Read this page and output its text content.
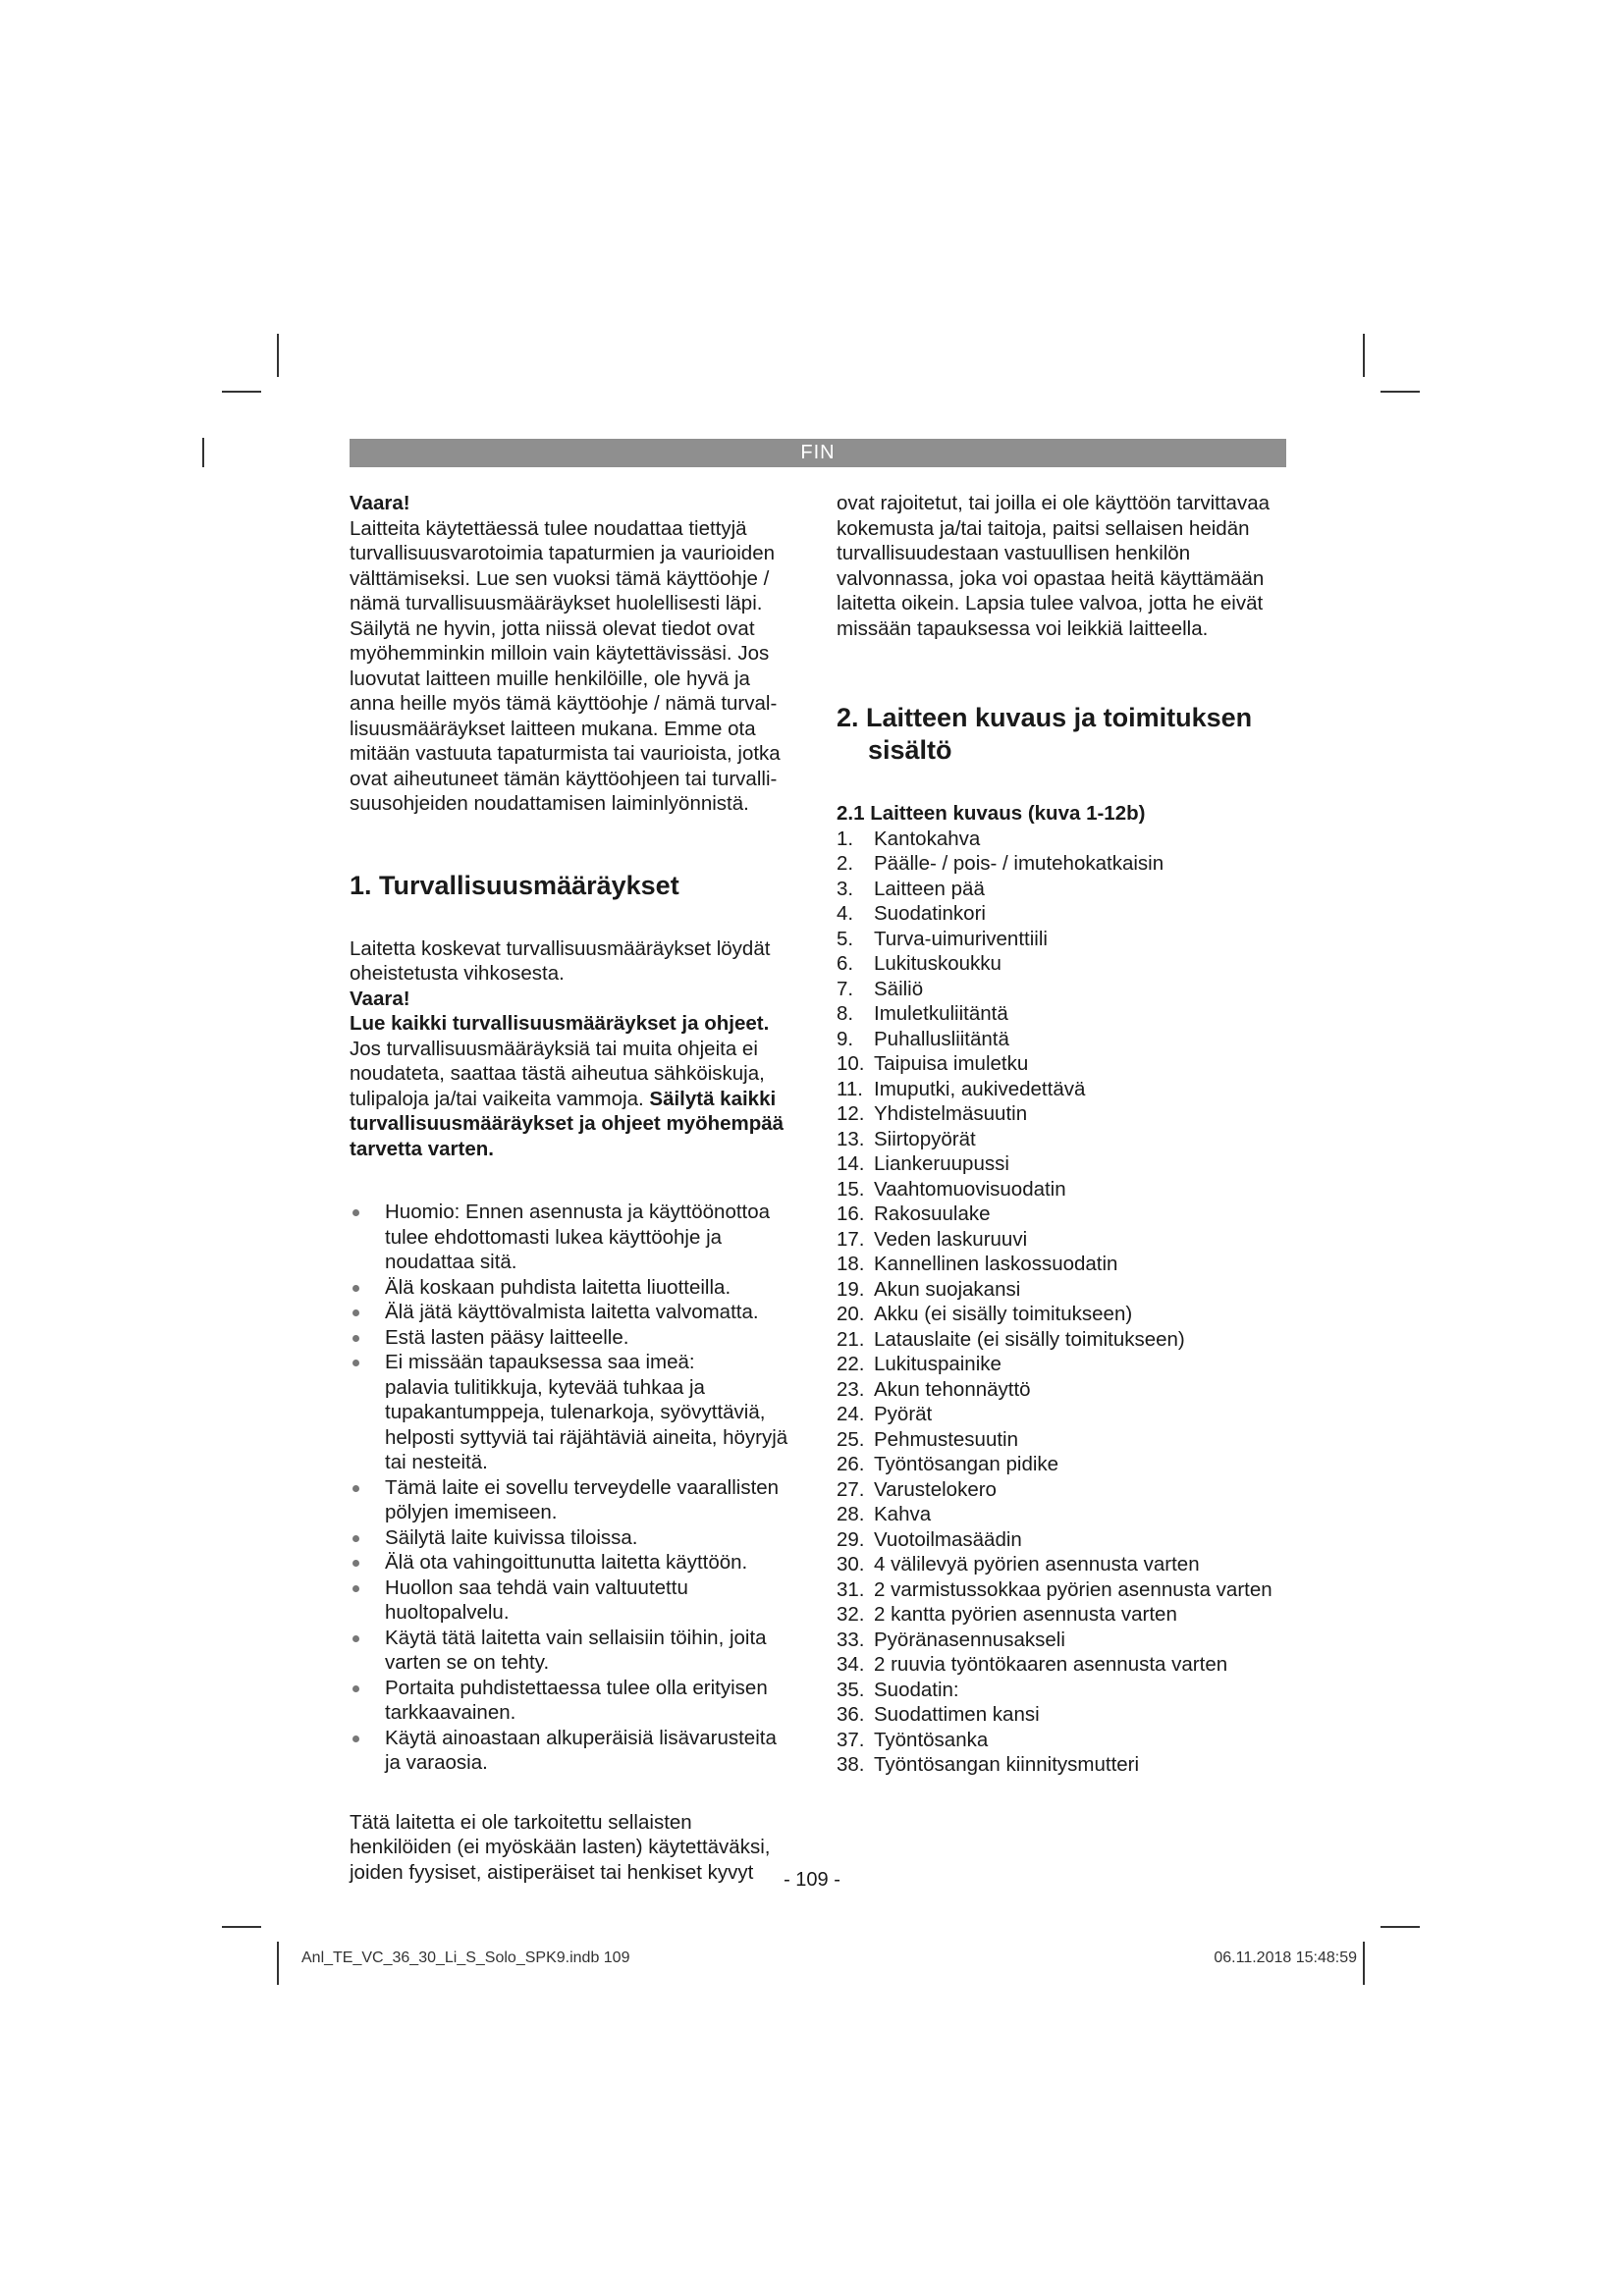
FIN

Vaara!

Laitteita käytettäessä tulee noudattaa tiettyjä
turvallisuusvarotoimia tapaturmien ja vaurioiden
välttämiseksi. Lue sen vuoksi tämä käyttöohje /
nämä turvallisuusmääräykset huolellisesti läpi.
Säilytä ne hyvin, jotta niissä olevat tiedot ovat
myöhemminkin milloin vain käytettävissäsi. Jos
luovutat laitteen muille henkilöille, ole hyvä ja
anna heille myös tämä käyttöohje / nämä turval-
lisuusmääräykset laitteen mukana. Emme ota
mitään vastuuta tapaturmista tai vaurioista, jotka
ovat aiheutuneet tämän käyttöohjeen tai turvalli-
suusohjeiden noudattamisen laiminlyönnistä.
1. Turvallisuusmääräykset
Laitetta koskevat turvallisuusmääräykset löydät
oheistetusta vihkosesta.

Vaara!

Lue kaikki turvallisuusmääräykset ja ohjeet.

Jos turvallisuusmääräyksiä tai muita ohjeita ei
noudateta, saattaa tästä aiheutua sähköiskuja,
tulipaloja ja/tai vaikeita vammoja. Säilytä kaikki
turvallisuusmääräykset ja ohjeet myöhempää
tarvetta varten.
Huomio: Ennen asennusta ja käyttöönottoa
tulee ehdottomasti lukea käyttöohje ja
noudattaa sitä.
Älä koskaan puhdista laitetta liuotteilla.
Älä jätä käyttövalmista laitetta valvomatta.
Estä lasten pääsy laitteelle.
Ei missään tapauksessa saa imeä:
palavia tulitikkuja, kytevää tuhkaa ja
tupakantumppeja, tulenarkoja, syövyttäviä,
helposti syttyviä tai räjähtäviä aineita, höyryjä
tai nesteitä.
Tämä laite ei sovellu terveydelle vaarallisten
pölyjen imemiseen.
Säilytä laite kuivissa tiloissa.
Älä ota vahingoittunutta laitetta käyttöön.
Huollon saa tehdä vain valtuutettu
huoltopalvelu.
Käytä tätä laitetta vain sellaisiin töihin, joita
varten se on tehty.
Portaita puhdistettaessa tulee olla erityisen
tarkkaavainen.
Käytä ainoastaan alkuperäisiä lisävarusteita
ja varaosia.
Tätä laitetta ei ole tarkoitettu sellaisten
henkilöiden (ei myöskään lasten) käytettäväksi,
joiden fyysiset, aistiperäiset tai henkiset kyvyt
ovat rajoitetut, tai joilla ei ole käyttöön tarvittavaa
kokemusta ja/tai taitoja, paitsi sellaisen heidän
turvallisuudestaan vastuullisen henkilön
valvonnassa, joka voi opastaa heitä käyttämään
laitetta oikein. Lapsia tulee valvoa, jotta he eivät
missään tapauksessa voi leikkiä laitteella.
2. Laitteen kuvaus ja toimituksen
sisältö

2.1 Laitteen kuvaus (kuva 1-12b)

1.	Kantokahva
2.	Päälle- / pois- / imutehokatkaisin
3.	Laitteen pää
4.	Suodatinkori
5.	Turva-uimuriventtiili
6.	Lukituskoukku
7.	Säiliö
8.	Imuletkuliitäntä
9.	Puhallusliitäntä
10. Taipuisa imuletku
11. Imuputki, aukivedettävä
12. Yhdistelmäsuutin
13. Siirtopyörät
14. Liankeruupussi
15. Vaahtomuovisuodatin
16. Rakosuulake
17. Veden laskuruuvi
18. Kannellinen laskossuodatin
19. Akun suojakansi
20. Akku (ei sisälly toimitukseen)
21. Latauslaite (ei sisälly toimitukseen)
22. Lukituspainike
23. Akun tehonnäyttö
24. Pyörät
25. Pehmustesuutin
26. Työntösangan pidike
27. Varustelokero
28. Kahva
29. Vuotoilmasäädin
30. 4 välilevyä pyörien asennusta varten
31. 2 varmistussokkaa pyörien asennusta varten
32. 2 kantta pyörien asennusta varten
33. Pyöränasennusakseli
34. 2 ruuvia työntökaaren asennusta varten
35. Suodatin:
36. Suodattimen kansi
37. Työntösanka
38. Työntösangan kiinnitysmutteri
- 109 -
Anl_TE_VC_36_30_Li_S_Solo_SPK9.indb 109	06.11.2018 15:48:59
